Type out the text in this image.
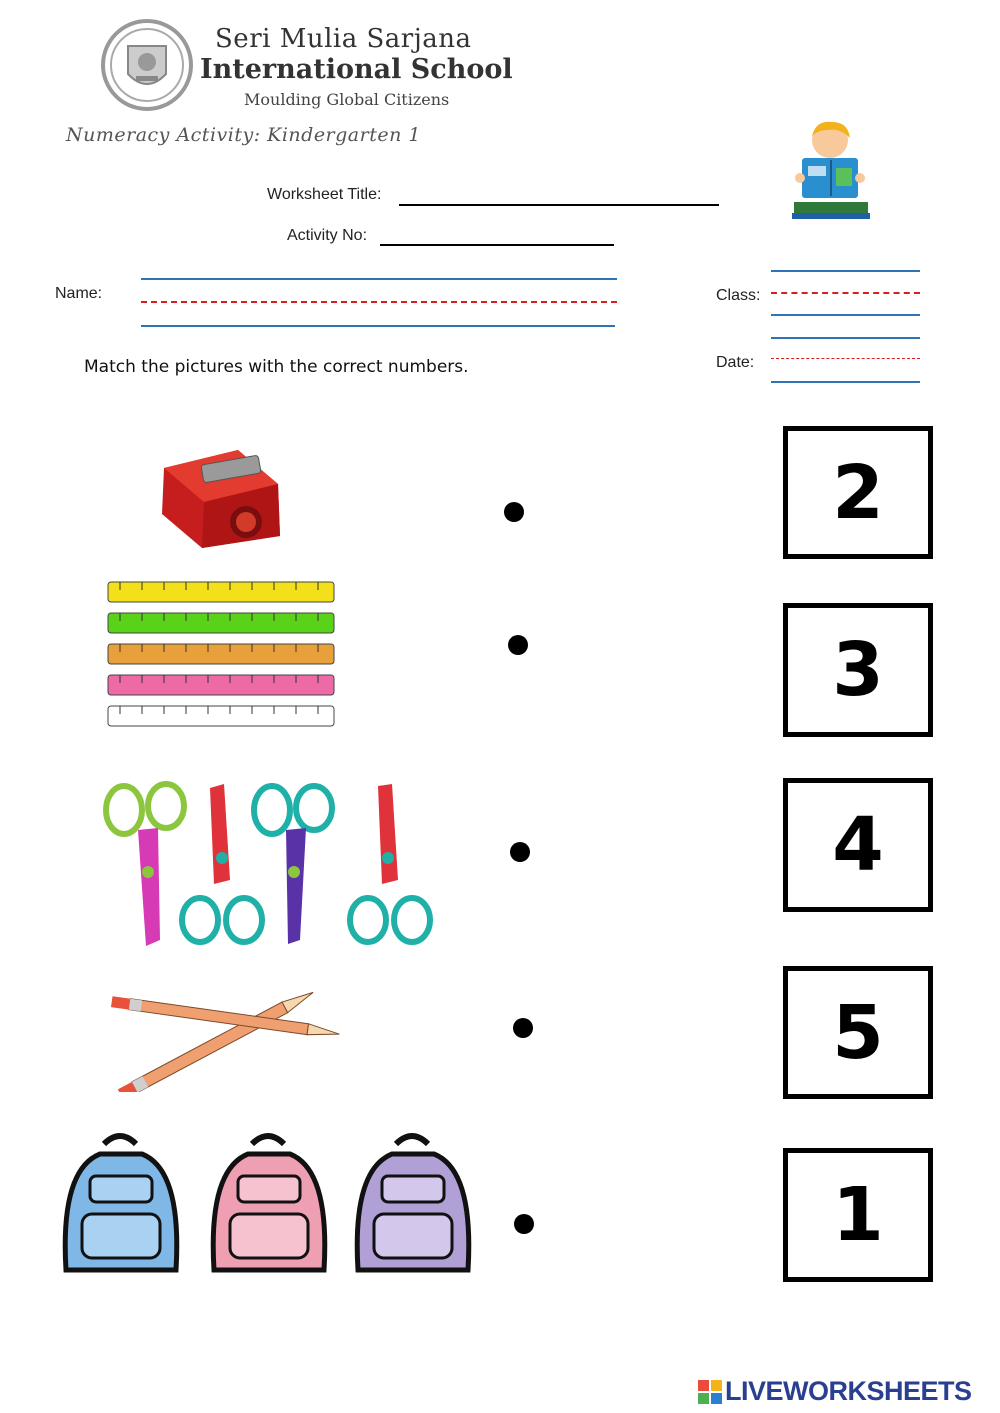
Seri Mulia Sarjana
International School
Moulding Global Citizens
Numeracy Activity: Kindergarten 1
Worksheet Title:
Activity No:
Name:	Class:
Date:
Match the pictures with the correct numbers.
2
3
4
5
1
LIVEWORKSHEETS
